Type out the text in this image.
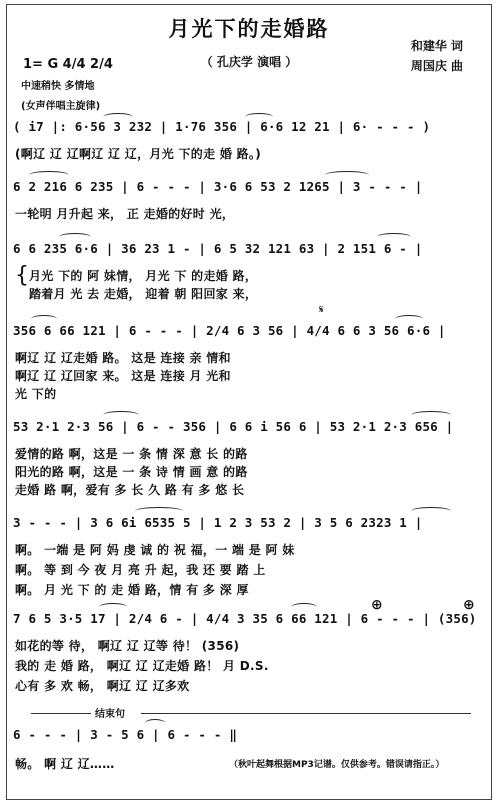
月光下的走婚路
（ 孔庆学 演唱 ）
和建华 词
周国庆 曲
1= G 4/4 2/4
中速稍快 多情地
(女声伴唱主旋律)
( i7 |: 6·56 3 232 | 1·76 356 | 6·6 12 21 | 6· - - - )
(啊辽 辽 辽啊辽 辽 辽，月光 下的走 婚 路。)
6 2 216 6 235 | 6 - - - | 3·6 6 53 2 1265 | 3 - - - |
一轮明 月升起 来， 正 走婚的好时 光，
6 6 235 6·6 | 36 23 1 - | 6 5 32 121 63 | 2 151 6 - |
{ 月光 下的 阿 妹情， 月光 下 的走婚 路，
踏着月 光 去 走婚， 迎着 朝 阳回家 来，
𝄋
356 6 66 121 | 6 - - - | 2/4 6 3 56 | 4/4 6 6 3 56 6·6 |
啊辽 辽 辽走婚 路。 这是 连接 亲 情和
啊辽 辽 辽回家 来。 这是 连接 月 光和
光 下的
53 2·1 2·3 56 | 6 - - 356 | 6 6 i 56 6 | 53 2·1 2·3 656 |
爱情的路 啊，这是 一 条 情 深 意 长 的路
阳光的路 啊，这是 一 条 诗 情 画 意 的路
走婚 路 啊，爱有 多 长 久 路 有 多 悠 长
3 - - - | 3 6 6i 6535 5 | 1 2 3 53 2 | 3 5 6 2323 1 |
啊。 一端 是 阿 妈 虔 诚 的 祝 福，一 端 是 阿 妹
啊。 等 到 今 夜 月 亮 升 起，我 还 要 踏 上
啊。 月 光 下 的 走 婚 路，情 有 多 深 厚
⊕	⊕
7 6 5 3·5 17 | 2/4 6 - | 4/4 3 35 6 66 121 | 6 - - - | (356)
如花的等 待， 啊辽 辽 辽等 待！ (356)
我的 走 婚 路， 啊辽 辽 辽走婚 路！ 月 D.S.
心有 多 欢 畅， 啊辽 辽 辽多欢
结束句
6 - - - | 3 - 5 6 | 6 - - - ‖
畅。 啊 辽 辽……	（秋叶起舞根据MP3记谱。仅供参考。错误请指正。）
